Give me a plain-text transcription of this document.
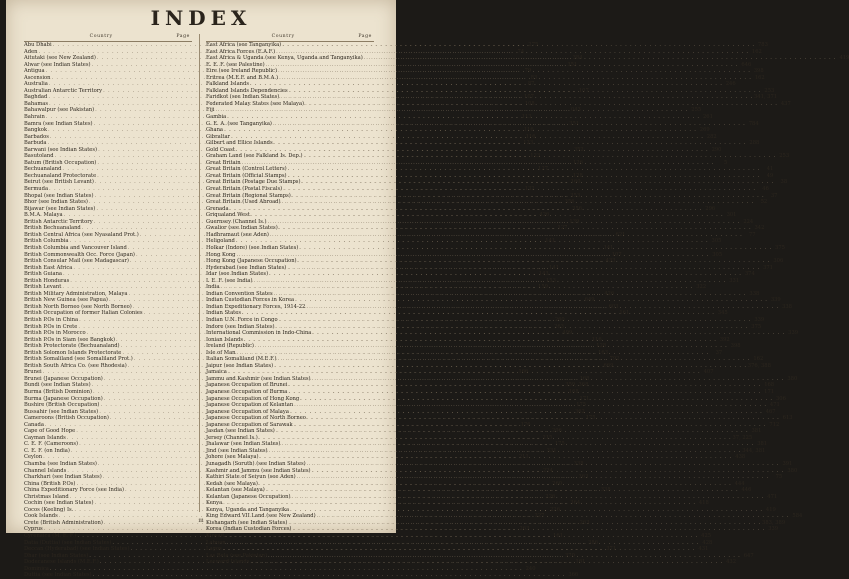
INDEX
Country	Page
Abu Dhabi . . .	275
Aden . . .	74
Aitutaki (see New Zealand) . . .	384
Alwar (see Indian States) . . .	351
Antigua . . .	79
Ascension . . .	83
Australia . . .	87
Australian Antarctic Territory . . .	107
Baghdad . . .	107
Bahamas . . .	108
Bahawalpur (see Pakistan) . . .	043
Bahrain . . .	113
Bamra (see Indian States) . . .	351
Bangkok . . .	116
Barbados . . .	116
Barbuda . . .	123
Barwani (see Indian States) . . .	352
Basutoland . . .	123
Batum (British Occupation) . . .	126
Bechuanaland . . .	127
Bechuanaland Protectorate . . .	128
Beirut (see British Levant) . . .	160
Bermuda . . .	132
Bhopal (see Indian States) . . .	353
Bhor (see Indian States) . . .	356
Bijawar (see Indian States) . . .	356
B.M.A. Malaya . . .	426
British Antarctic Territory . . .	139
British Bechuanaland . . .	127
British Central Africa (see Nyasaland Prot.) . . .	621
British Columbia . . .	141
British Columbia and Vancouver Island . . .	141
British Commonwealth Occ. Force (Japan) . . .	107
British Consular Mail (see Madagascar) . . .	433
British East Africa . . .	141
British Guiana . . .	143
British Honduras . . .	153
British Levant . . .	159
British Military Administration, Malaya . . .	426
British New Guinea (see Papua) . . .	649
British North Borneo (see North Borneo) . . .	603
British Occupation of former Italian Colonies . . .	161
British P.Os in China . . .	260
British P.Os in Crete . . .	263
British P.Os in Morocco . . .	499
British P.Os in Siam (see Bangkok) . . .	116
British Protectorate (Bechuanaland) . . .	128
British Solomon Islands Protectorate . . .	163
British Somaliland (see Somaliland Prot.) . . .	792
British South Africa Co. (see Rhodesia) . . .	669
Brunei . . .	166
Brunei (Japanese Occupation) . . .	168
Bundi (see Indian States) . . .	359, 368
Burma (British Dominion) . . .	168
Burma (Japanese Occupation) . . .	171
Bushire (British Occupation) . . .	175
Bussahir (see Indian States) . . .	362
Cameroons (British Occupation) . . .	175
Canada . . .	176
Cape of Good Hope . . .	206
Cayman Islands . . .	215
C. E. F. (Cameroons) . . .	175
C. E. F. (on India) . . .	331
Ceylon . . .	211
Chamba (see Indian States) . . .	338
Channel Islands . . .	224
Charkhari (see Indian States) . . .	363
China (British P.Os) . . .	260
China Expeditionary Force (see India) . . .	338
Christmas Island . . .	226
Cochin (see Indian States) . . .	364
Cocos (Keeling) Is. . . .	226
Cook Islands . . .	227
Crete (British Administration) . . .	263
Cyprus . . .	263
Cyrenaica (M. E. F.) . . .	161
Datia (Duttia) (see Indian States) . . .	386
Deccan (Hyderabad) (see Indian States) . . .	371
Dhar (see Indian States) . . .	370
Dodecanese Islands (M.E.F.) . . .	161
Dominica . . .	240
Duttia (see Indian States) . . .	366
Country	Page
East Africa (see Tanganyika) . . .	783
East Africa Forces (E.A.F.) . . .	162
East Africa & Uganda (see Kenya, Uganda and Tanganyika) . . .	419
E. E. F. (see Palestine) . . .	646
Eire (see Ireland Republic) . . .	398
Eritrea (M.E.F. and B.M.A.) . . .	162
Falkland Islands . . .	246
Falkland Islands Dependencies . . .	253
Faridkot (see Indian States) . . .	341, 371
Federated Malay States (see Malaya) . . .	437
Fiji . . .	255
Gambia . . .	261
G. E. A. (see Tanganyika) . . .	784
Ghana . . .	269
Gibraltar . . .	282
Gilbert and Ellice Islands . . .	288
Gold Coast . . .	290
Graham Land (see Falkland Is. Dep.) . . .	253
Great Britain . . .	5
Great Britain (Control Letters) . . .	41
Great Britain (Official Stamps) . . .	49
Great Britain (Postage Due Stamps) . . .	38
Great Britain (Postal Fiscals) . . .	46
Great Britain (Regional Stamps) . . .	37
Great Britain (Used Abroad) . . .	52
Grenada . . .	296
Griqualand West . . .	301
Guernsey (Channel Is.) . . .	224
Gwalior (see Indian States) . . .	342
Hadhramaut (see Aden) . . .	77
Heligoland . . .	305
Holkar (Indore) (see Indian States) . . .	375
Hong Kong . . .	305
Hong Kong (Japanese Occupation) . . .	306
Hyderabad (see Indian States) . . .	371
Idar (see Indian States) . . .	374
I. E. F. (see India) . . .	331
India . . .	322
Indian Convention States . . .	338
Indian Custodian Forces in Korea . . .	339
Indian Expeditionary Forces, 1914-22 . . .	338
Indian States . . .	345
Indian U.N. Force in Congo . . .	339
Indore (see Indian States) . . .	375
International Commission in Indo-China . . .	339
Ionian Islands . . .	392
Ireland (Republic) . . .	398
Isle of Man . . .	37
Italian Somaliland (M.E.F.) . . .	162
Jaipur (see Indian States) . . .	376, 388
Jamaica . . .	407
Jammu and Kashmir (see Indian States) . . .	380
Japanese Occupation of Brunei . . .	168
Japanese Occupation of Burma . . .	171
Japanese Occupation of Hong Kong . . .	306
Japanese Occupation of Kelantan . . .	471
Japanese Occupation of Malaya . . .	467
Japanese Occupation of North Borneo . . .	613
Japanese Occupation of Sarawak . . .	712
Jasdan (see Indian States) . . .	381
Jersey (Channel Is.) . . .	37, 225
Jhalawar (see Indian States) . . .	381
Jind (see Indian States) . . .	344, 381
Johore (see Malaya) . . .	438
Junagadh (Soruth) (see Indian States) . . .	391
Kashmir and Jammu (see Indian States) . . .	380
Kathiri State of Seiyun (see Aden) . . .	75
Kedah (see Malaya) . . .	444
Kelantan (see Malaya) . . .	446
Kelantan (Japanese Occupation) . . .	471
Kenya . . .	418
Kenya, Uganda and Tanganyika . . .	419
King Edward VII Land (see New Zealand) . . .	584
Kishangarh (see Indian States) . . .	383, 389
Korea (Indian Custodian Forces) . . .	339
Kuwait . . .	425
Labuan . . .	428
Lagos . . .	431
Las Bela (see Pakistan) . . .	647
Leeward Islands . . .	432
iii
